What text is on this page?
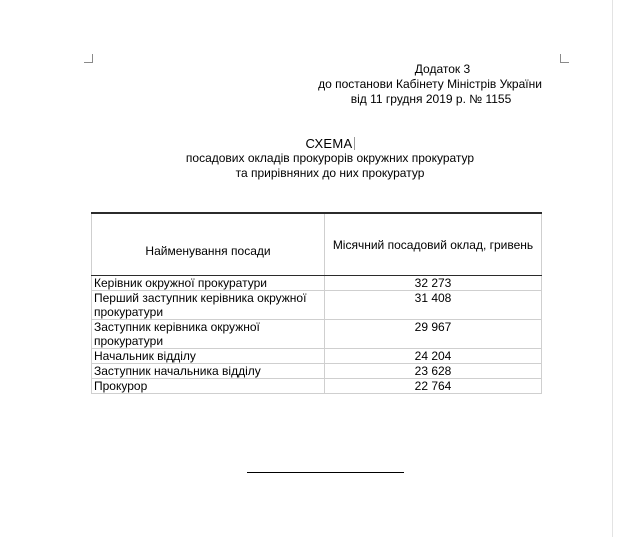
Додаток 3
до постанови Кабінету Міністрів України
від 11 грудня 2019 р. № 1155
СХЕМА
посадових окладів прокурорів окружних прокуратур
та прирівняних до них прокуратур
Найменування посади	Місячний посадовий оклад, гривень
Керівник окружної прокуратури	32 273
Перший заступник керівника окружної прокуратури	31 408
Заступник керівника окружної прокуратури	29 967
Начальник відділу	24 204
Заступник начальника відділу	23 628
Прокурор	22 764
